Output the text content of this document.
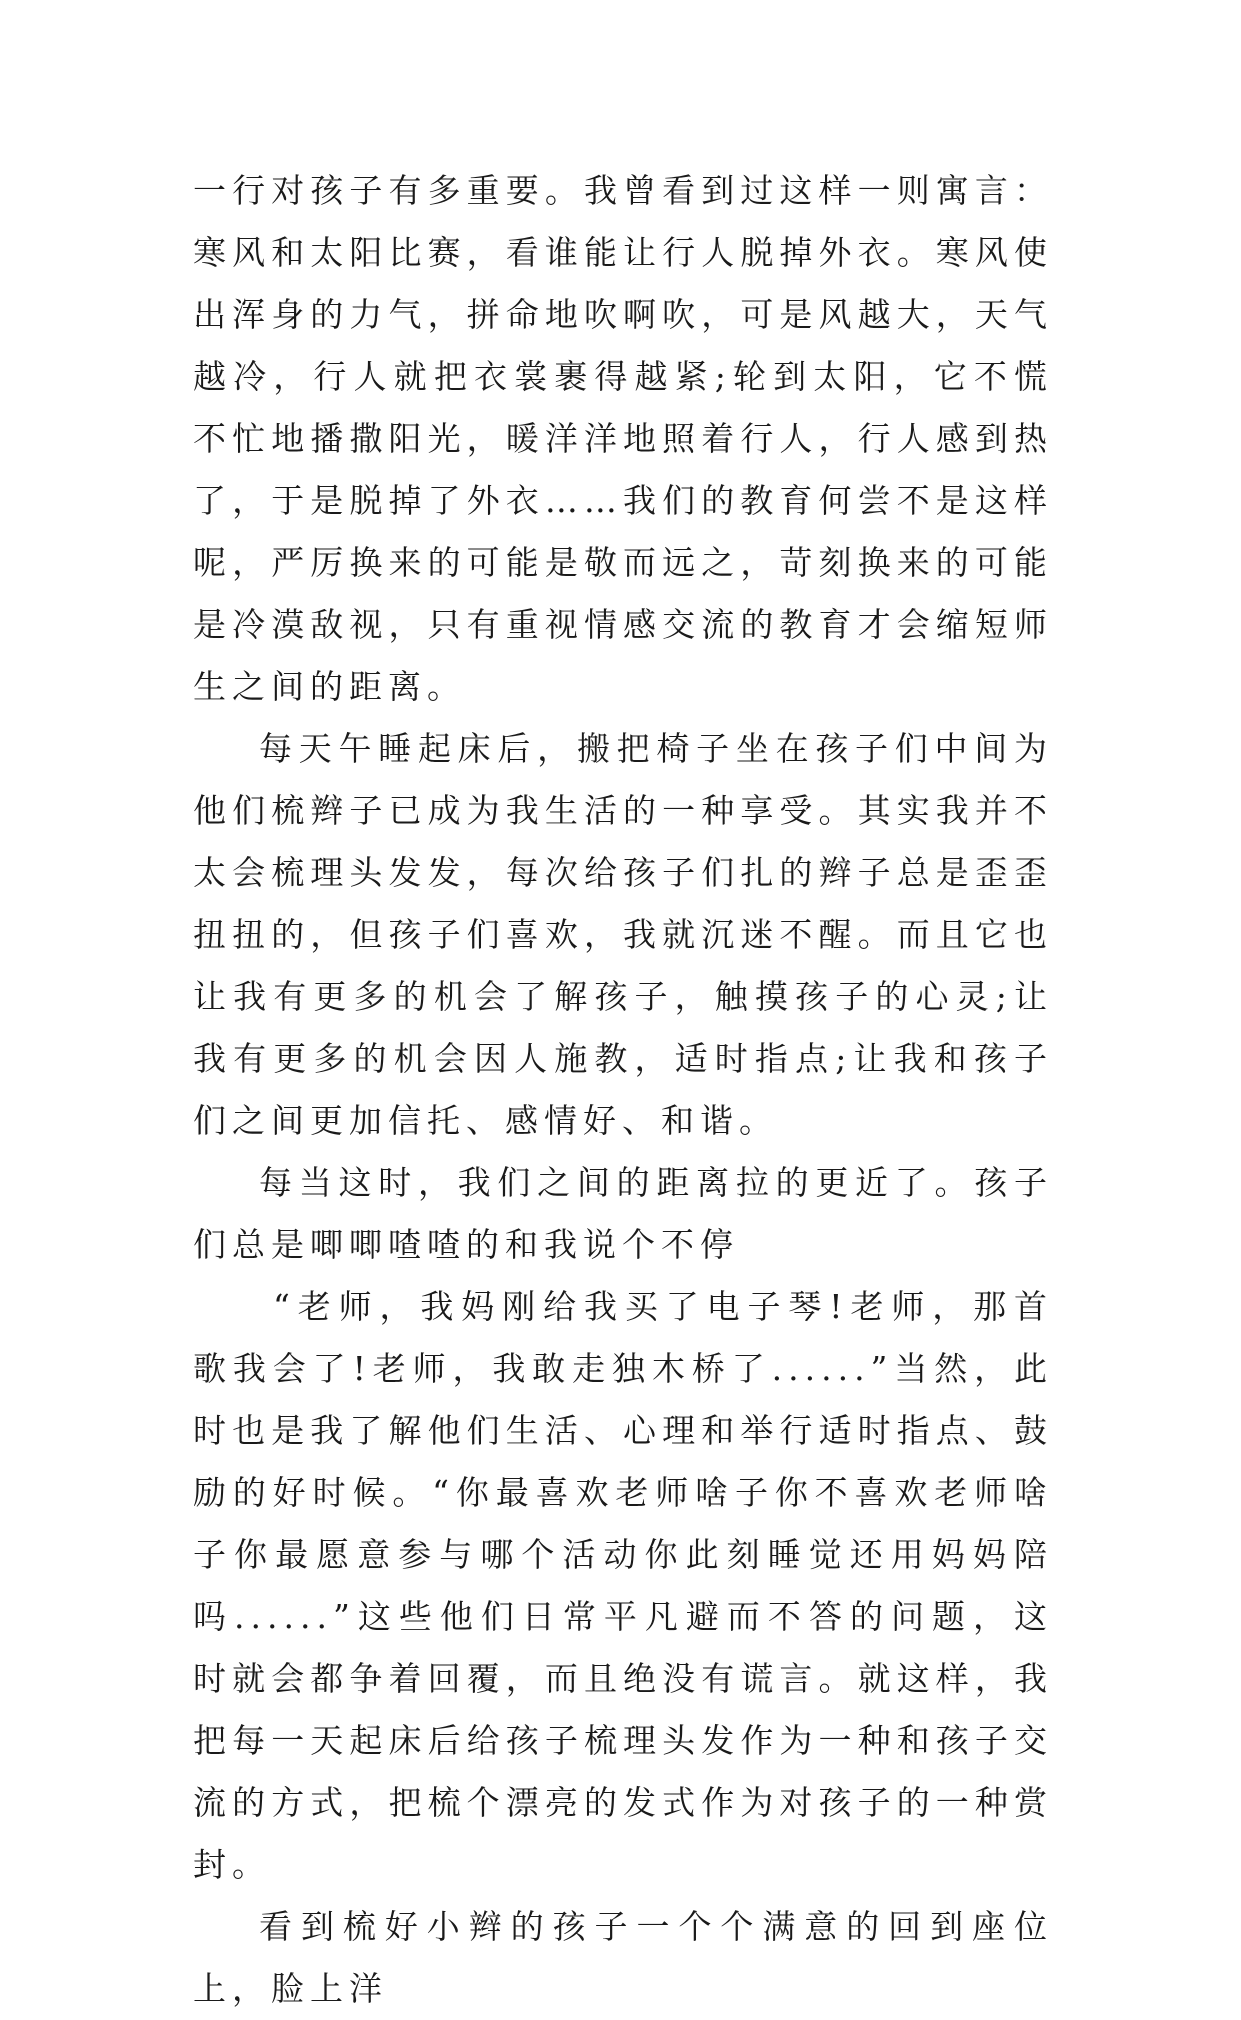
一行对孩子有多重要。我曾看到过这样一则寓言：寒风和太阳比赛，看谁能让行人脱掉外衣。寒风使出浑身的力气，拼命地吹啊吹，可是风越大，天气越冷，行人就把衣裳裹得越紧;轮到太阳，它不慌不忙地播撒阳光，暖洋洋地照着行人，行人感到热了，于是脱掉了外衣……我们的教育何尝不是这样呢，严厉换来的可能是敬而远之，苛刻换来的可能是冷漠敌视，只有重视情感交流的教育才会缩短师生之间的距离。

每天午睡起床后，搬把椅子坐在孩子们中间为他们梳辫子已成为我生活的一种享受。其实我并不太会梳理头发发，每次给孩子们扎的辫子总是歪歪扭扭的，但孩子们喜欢，我就沉迷不醒。而且它也让我有更多的机会了解孩子，触摸孩子的心灵;让我有更多的机会因人施教，适时指点;让我和孩子们之间更加信托、感情好、和谐。

每当这时，我们之间的距离拉的更近了。孩子们总是唧唧喳喳的和我说个不停

“老师，我妈刚给我买了电子琴!老师，那首歌我会了!老师，我敢走独木桥了......”当然，此时也是我了解他们生活、心理和举行适时指点、鼓励的好时候。“你最喜欢老师啥子你不喜欢老师啥子你最愿意参与哪个活动你此刻睡觉还用妈妈陪吗......”这些他们日常平凡避而不答的问题，这时就会都争着回覆，而且绝没有谎言。就这样，我把每一天起床后给孩子梳理头发作为一种和孩子交流的方式，把梳个漂亮的发式作为对孩子的一种赏封。

看到梳好小辫的孩子一个个满意的回到座位上，脸上洋
